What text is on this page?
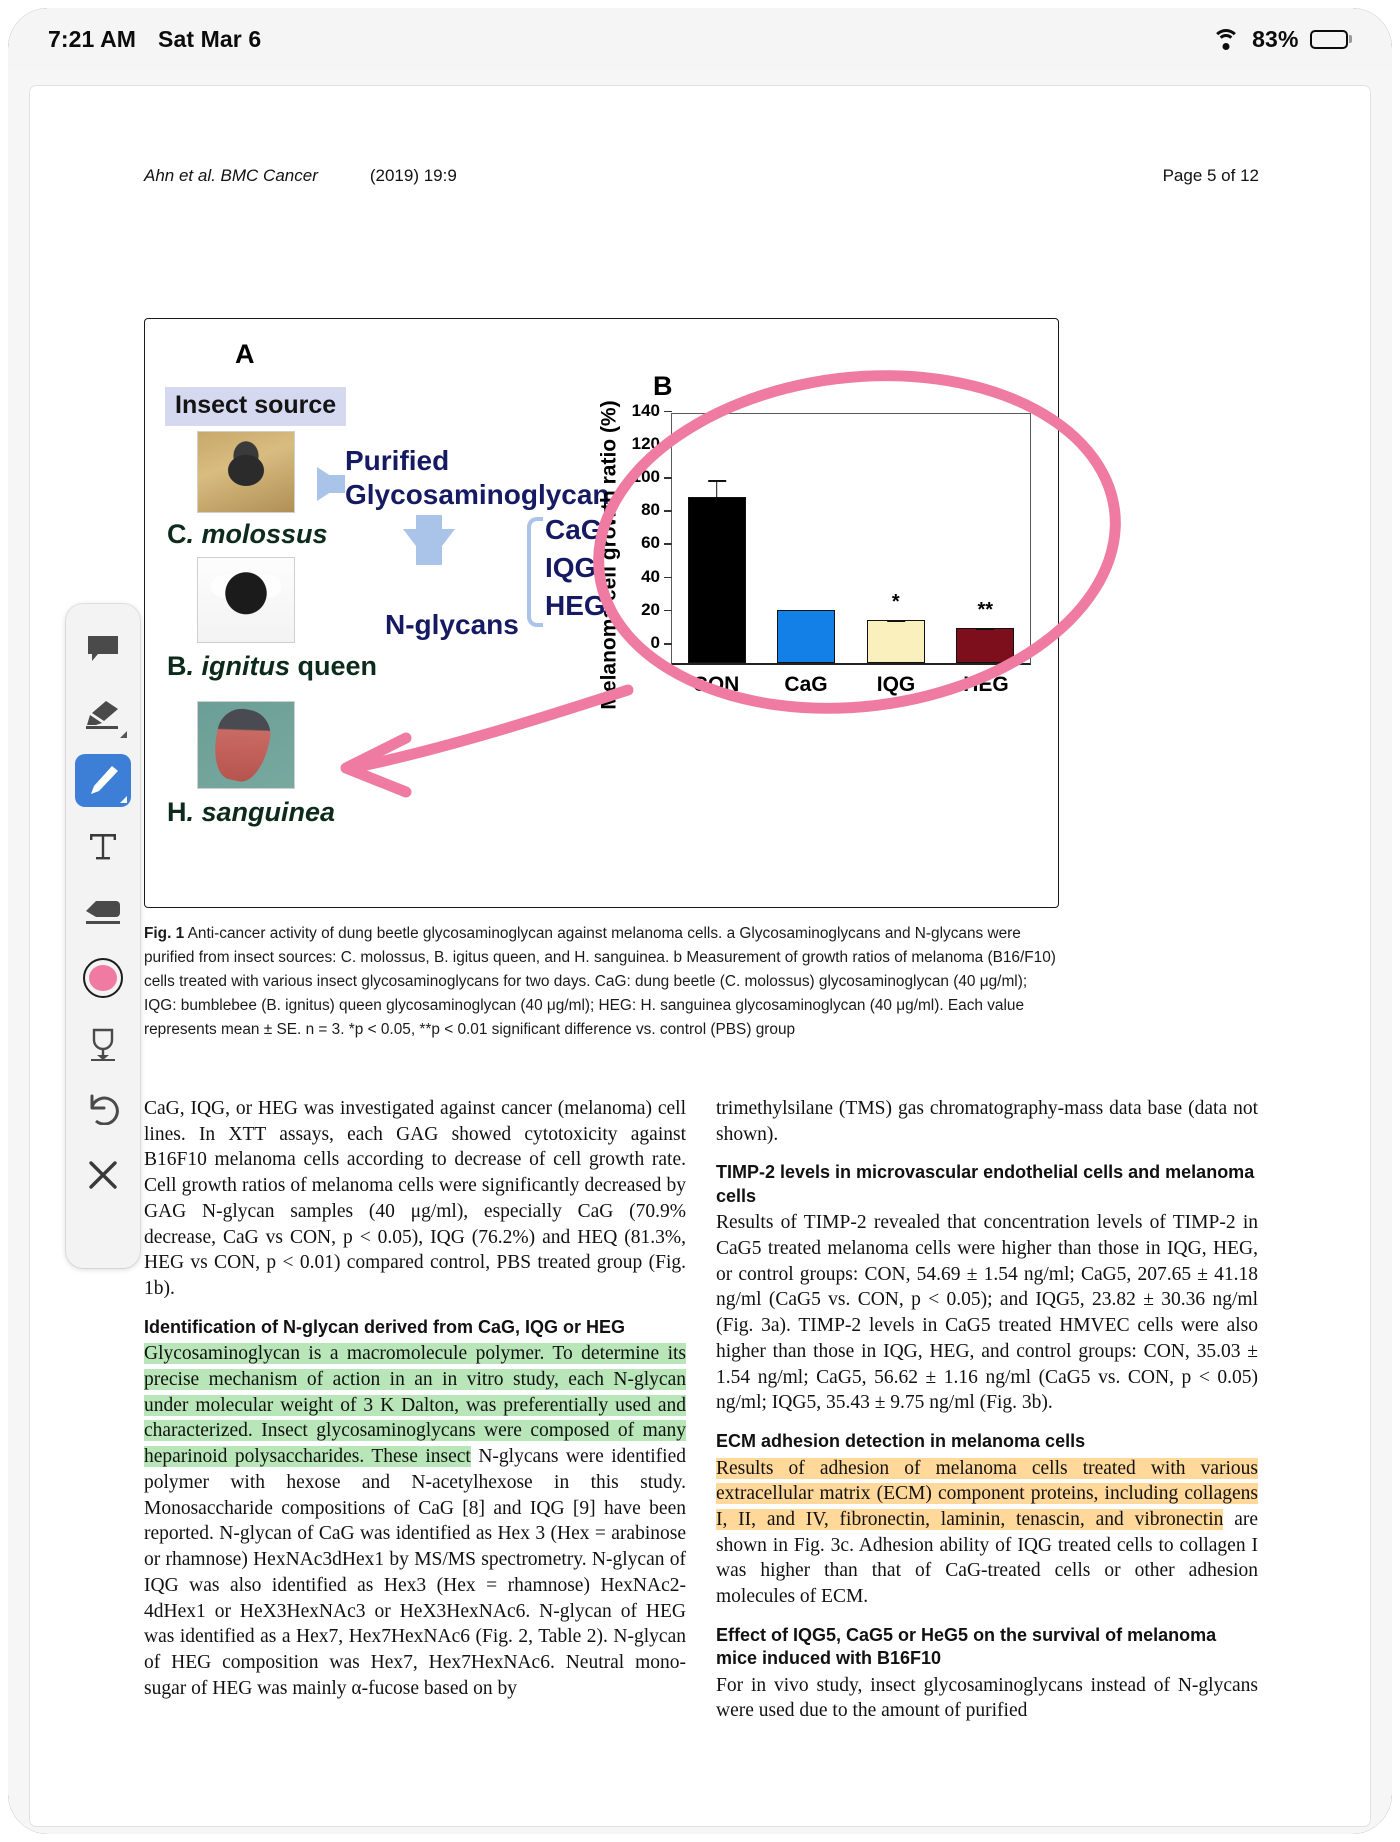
7:21 AM Sat Mar 6	83%
Ahn et al. BMC Cancer	(2019) 19:9	Page 5 of 12
A
B
Insect source
C. molossus
B. ignitus queen
H. sanguinea
Purified
Glycosaminoglycan
N-glycans
CaG
IQG
HEG
Melanoma cell growth ratio (%) 0
20
40
60
80
100
120
140
*	**
CON	CaG	IQG	HEG
Fig. 1 Anti-cancer activity of dung beetle glycosaminoglycan against melanoma cells. a Glycosaminoglycans and N-glycans were purified from insect sources: C. molossus, B. igitus queen, and H. sanguinea. b Measurement of growth ratios of melanoma (B16/F10) cells treated with various insect glycosaminoglycans for two days. CaG: dung beetle (C. molossus) glycosaminoglycan (40 μg/ml); IQG: bumblebee (B. ignitus) queen glycosaminoglycan (40 μg/ml); HEG: H. sanguinea glycosaminoglycan (40 μg/ml). Each value represents mean ± SE. n = 3. *p < 0.05, **p < 0.01 significant difference vs. control (PBS) group

CaG, IQG, or HEG was investigated against cancer (melanoma) cell lines. In XTT assays, each GAG showed cytotoxicity against B16F10 melanoma cells according to decrease of cell growth rate. Cell growth ratios of melanoma cells were significantly decreased by GAG N-glycan samples (40 μg/ml), especially CaG (70.9% decrease, CaG vs CON, p < 0.05), IQG (76.2%) and HEQ (81.3%, HEG vs CON, p < 0.01) compared control, PBS treated group (Fig. 1b).

Identification of N-glycan derived from CaG, IQG or HEG

Glycosaminoglycan is a macromolecule polymer. To determine its precise mechanism of action in an in vitro study, each N-glycan under molecular weight of 3 K Dalton, was preferentially used and characterized. Insect glycosaminoglycans were composed of many heparinoid polysaccharides. These insect N-glycans were identified polymer with hexose and N-acetylhexose in this study. Monosaccharide compositions of CaG [8] and IQG [9] have been reported. N-glycan of CaG was identified as Hex 3 (Hex = arabinose or rhamnose) HexNAc3dHex1 by MS/MS spectrometry. N-glycan of IQG was also identified as Hex3 (Hex = rhamnose) HexNAc2-4dHex1 or HeX3HexNAc3 or HeX3HexNAc6. N-glycan of HEG was identified as a Hex7, Hex7HexNAc6 (Fig. 2, Table 2). N-glycan of HEG composition was Hex7, Hex7HexNAc6. Neutral mono-sugar of HEG was mainly α-fucose based on by

trimethylsilane (TMS) gas chromatography-mass data base (data not shown).

TIMP-2 levels in microvascular endothelial cells and melanoma cells

Results of TIMP-2 revealed that concentration levels of TIMP-2 in CaG5 treated melanoma cells were higher than those in IQG, HEG, or control groups: CON, 54.69 ± 1.54 ng/ml; CaG5, 207.65 ± 41.18 ng/ml (CaG5 vs. CON, p < 0.05); and IQG5, 23.82 ± 30.36 ng/ml (Fig. 3a). TIMP-2 levels in CaG5 treated HMVEC cells were also higher than those in IQG, HEG, and control groups: CON, 35.03 ± 1.54 ng/ml; CaG5, 56.62 ± 1.16 ng/ml (CaG5 vs. CON, p < 0.05) ng/ml; IQG5, 35.43 ± 9.75 ng/ml (Fig. 3b).

ECM adhesion detection in melanoma cells

Results of adhesion of melanoma cells treated with various extracellular matrix (ECM) component proteins, including collagens I, II, and IV, fibronectin, laminin, tenascin, and vibronectin are shown in Fig. 3c. Adhesion ability of IQG treated cells to collagen I was higher than that of CaG-treated cells or other adhesion molecules of ECM.

Effect of IQG5, CaG5 or HeG5 on the survival of melanoma mice induced with B16F10

For in vivo study, insect glycosaminoglycans instead of N-glycans were used due to the amount of purified
